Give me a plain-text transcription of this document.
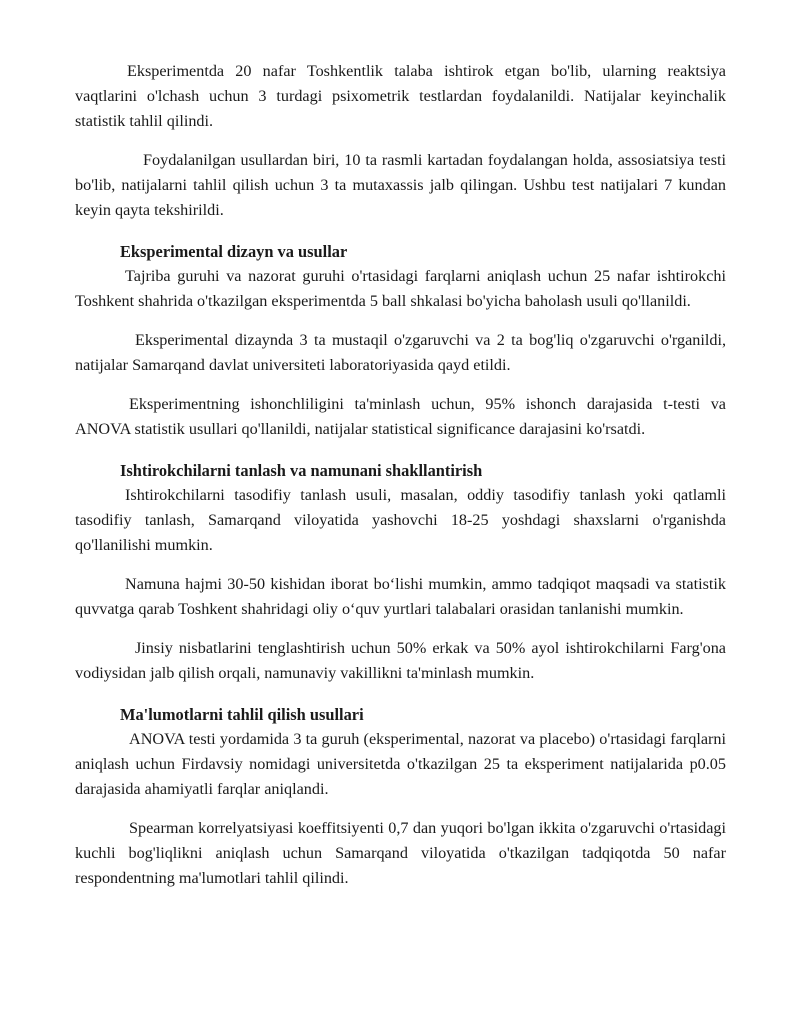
Eksperimentda 20 nafar Toshkentlik talaba ishtirok etgan bo'lib, ularning reaktsiya vaqtlarini o'lchash uchun 3 turdagi psixometrik testlardan foydalanildi. Natijalar keyinchalik statistik tahlil qilindi.

Foydalanilgan usullardan biri, 10 ta rasmli kartadan foydalangan holda, assosiatsiya testi bo'lib, natijalarni tahlil qilish uchun 3 ta mutaxassis jalb qilingan. Ushbu test natijalari 7 kundan keyin qayta tekshirildi.

Eksperimental dizayn va usullar

Tajriba guruhi va nazorat guruhi o'rtasidagi farqlarni aniqlash uchun 25 nafar ishtirokchi Toshkent shahrida o'tkazilgan eksperimentda 5 ball shkalasi bo'yicha baholash usuli qo'llanildi.

Eksperimental dizaynda 3 ta mustaqil o'zgaruvchi va 2 ta bog'liq o'zgaruvchi o'rganildi, natijalar Samarqand davlat universiteti laboratoriyasida qayd etildi.

Eksperimentning ishonchliligini ta'minlash uchun, 95% ishonch darajasida t-testi va ANOVA statistik usullari qo'llanildi, natijalar statistical significance darajasini ko'rsatdi.

Ishtirokchilarni tanlash va namunani shakllantirish

Ishtirokchilarni tasodifiy tanlash usuli, masalan, oddiy tasodifiy tanlash yoki qatlamli tasodifiy tanlash, Samarqand viloyatida yashovchi 18-25 yoshdagi shaxslarni o'rganishda qo'llanilishi mumkin.

Namuna hajmi 30-50 kishidan iborat bo‘lishi mumkin, ammo tadqiqot maqsadi va statistik quvvatga qarab Toshkent shahridagi oliy o‘quv yurtlari talabalari orasidan tanlanishi mumkin.

Jinsiy nisbatlarini tenglashtirish uchun 50% erkak va 50% ayol ishtirokchilarni Farg'ona vodiysidan jalb qilish orqali, namunaviy vakillikni ta'minlash mumkin.

Ma'lumotlarni tahlil qilish usullari

ANOVA testi yordamida 3 ta guruh (eksperimental, nazorat va placebo) o'rtasidagi farqlarni aniqlash uchun Firdavsiy nomidagi universitetda o'tkazilgan 25 ta eksperiment natijalarida p0.05 darajasida ahamiyatli farqlar aniqlandi.

Spearman korrelyatsiyasi koeffitsiyenti 0,7 dan yuqori bo'lgan ikkita o'zgaruvchi o'rtasidagi kuchli bog'liqlikni aniqlash uchun Samarqand viloyatida o'tkazilgan tadqiqotda 50 nafar respondentning ma'lumotlari tahlil qilindi.
